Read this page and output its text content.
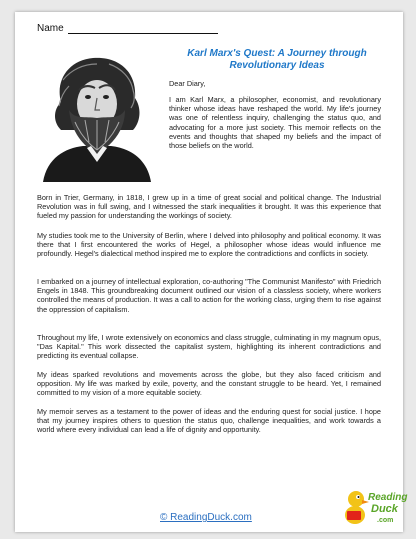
Name
Karl Marx's Quest: A Journey through Revolutionary Ideas

Dear Diary,

I am Karl Marx, a philosopher, economist, and revolutionary thinker whose ideas have reshaped the world. My life's journey was one of relentless inquiry, challenging the status quo, and advocating for a more just society. This memoir reflects on the events and thoughts that shaped my beliefs and the impact of those beliefs on the world.

Born in Trier, Germany, in 1818, I grew up in a time of great social and political change. The Industrial Revolution was in full swing, and I witnessed the stark inequalities it brought. It was this experience that fueled my passion for understanding the workings of society.

My studies took me to the University of Berlin, where I delved into philosophy and political economy. It was there that I first encountered the works of Hegel, a philosopher whose ideas would influence me profoundly. Hegel's dialectical method inspired me to explore the contradictions and conflicts in society.

I embarked on a journey of intellectual exploration, co-authoring "The Communist Manifesto" with Friedrich Engels in 1848. This groundbreaking document outlined our vision of a classless society, where workers controlled the means of production. It was a call to action for the working class, urging them to rise against the oppression of capitalism.

Throughout my life, I wrote extensively on economics and class struggle, culminating in my magnum opus, "Das Kapital." This work dissected the capitalist system, highlighting its inherent contradictions and predicting its eventual collapse.

My ideas sparked revolutions and movements across the globe, but they also faced criticism and opposition. My life was marked by exile, poverty, and the constant struggle to be heard. Yet, I remained committed to my vision of a more equitable society.

My memoir serves as a testament to the power of ideas and the enduring quest for social justice. I hope that my journey inspires others to question the status quo, challenge inequalities, and work towards a world where every individual can lead a life of dignity and opportunity.

© ReadingDuck.com
Reading
Duck
.com
